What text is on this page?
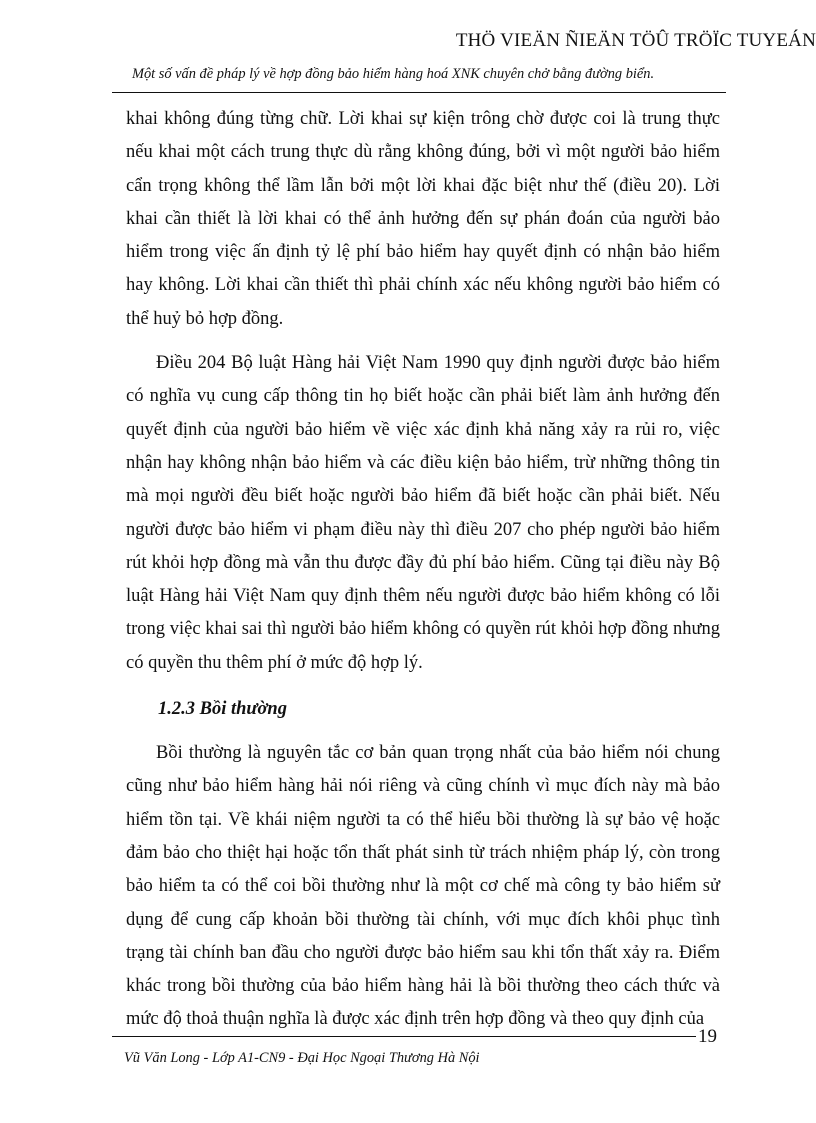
THÖ VIEÄN ÑIEÄN TÖÛ TRÖÏC TUYEÁN
Một số vấn đề pháp lý về hợp đồng bảo hiểm hàng hoá XNK chuyên chở bằng đường biển.

khai không đúng từng chữ. Lời khai sự kiện trông chờ được coi là trung thực nếu khai một cách trung thực dù rằng không đúng, bởi vì một người bảo hiểm cẩn trọng không thể lầm lẫn bởi một lời khai đặc biệt như thế (điều 20). Lời khai cần thiết là lời khai có thể ảnh hưởng đến sự phán đoán của người bảo hiểm trong việc ấn định tỷ lệ phí bảo hiểm hay quyết định có nhận bảo hiểm hay không. Lời khai cần thiết thì phải chính xác nếu không người bảo hiểm có thể huỷ bỏ hợp đồng.

Điều 204 Bộ luật Hàng hải Việt Nam 1990 quy định người được bảo hiểm có nghĩa vụ cung cấp thông tin họ biết hoặc cần phải biết làm ảnh hưởng đến quyết định của người bảo hiểm về việc xác định khả năng xảy ra rủi ro, việc nhận hay không nhận bảo hiểm và các điều kiện bảo hiểm, trừ những thông tin mà mọi người đều biết hoặc người bảo hiểm đã biết hoặc cần phải biết. Nếu người được bảo hiểm vi phạm điều này thì điều 207 cho phép người bảo hiểm rút khỏi hợp đồng mà vẫn thu được đầy đủ phí bảo hiểm. Cũng tại điều này Bộ luật Hàng hải Việt Nam quy định thêm nếu người được bảo hiểm không có lỗi trong việc khai sai thì người bảo hiểm không có quyền rút khỏi hợp đồng nhưng có quyền thu thêm phí ở mức độ hợp lý.

1.2.3 Bồi thường

Bồi thường là nguyên tắc cơ bản quan trọng nhất của bảo hiểm nói chung cũng như bảo hiểm hàng hải nói riêng và cũng chính vì mục đích này mà bảo hiểm tồn tại. Về khái niệm người ta có thể hiểu bồi thường là sự bảo vệ hoặc đảm bảo cho thiệt hại hoặc tổn thất phát sinh từ trách nhiệm pháp lý, còn trong bảo hiểm ta có thể coi bồi thường như là một cơ chế mà công ty bảo hiểm sử dụng để cung cấp khoản bồi thường tài chính, với mục đích khôi phục tình trạng tài chính ban đầu cho người được bảo hiểm sau khi tổn thất xảy ra. Điểm khác trong bồi thường của bảo hiểm hàng hải là bồi thường theo cách thức và mức độ thoả thuận nghĩa là được xác định trên hợp đồng và theo quy định của

19
Vũ Văn Long - Lớp A1-CN9 - Đại Học Ngoại Thương Hà Nội
